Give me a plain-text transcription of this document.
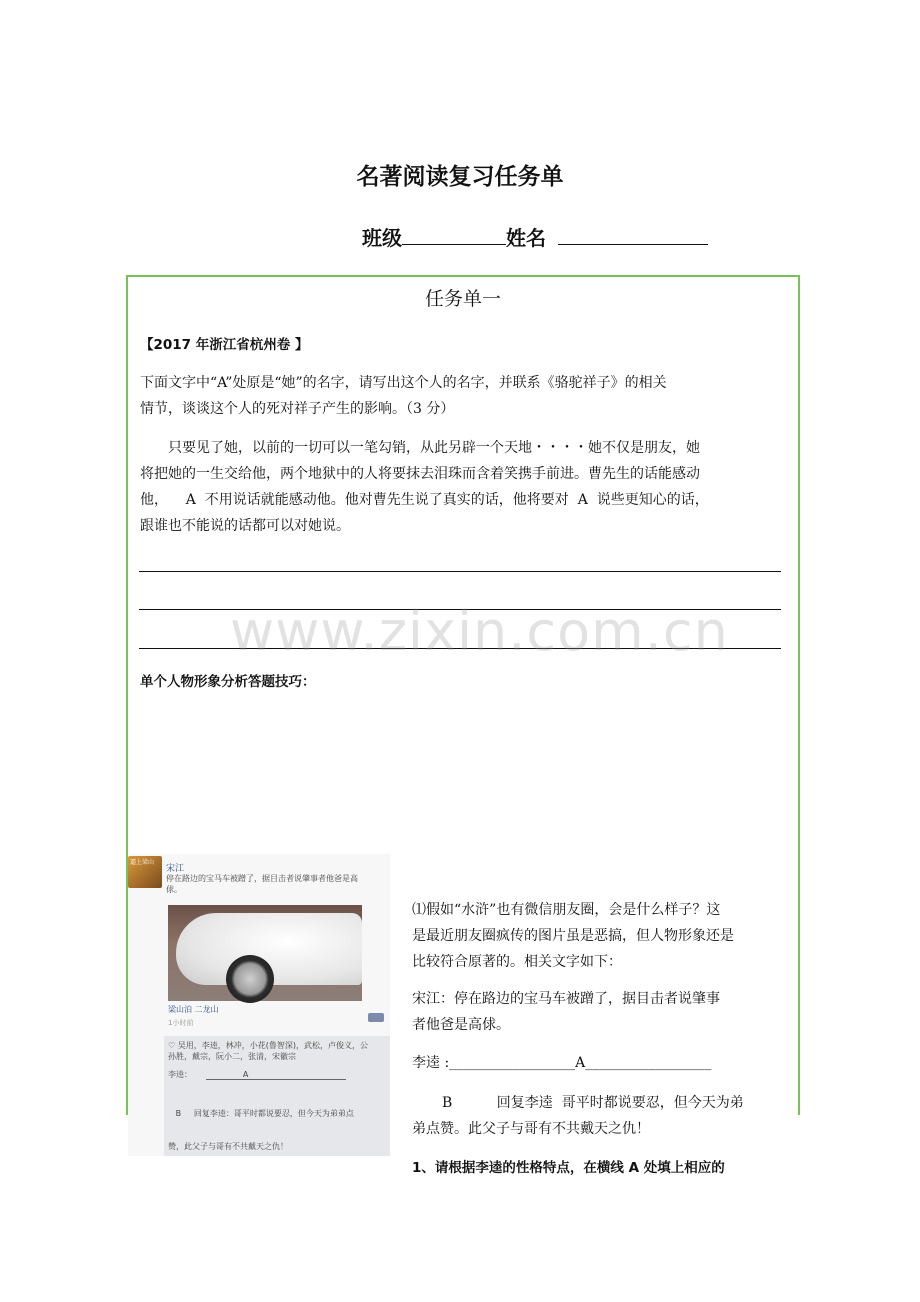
名著阅读复习任务单
班级	姓名
任务单一
【2017 年浙江省杭州卷 】
下面文字中“A”处原是“她”的名字，请写出这个人的名字，并联系《骆驼祥子》的相关
情节，谈谈这个人的死对祥子产生的影响。（3 分）
只要见了她，以前的一切可以一笔勾销，从此另辟一个天地・・・・她不仅是朋友，她
将把她的一生交给他，两个地狱中的人将要抹去泪珠而含着笑携手前进。曹先生的话能感动
他，    A  不用说话就能感动他。他对曹先生说了真实的话，他将要对  A  说些更知心的话，
跟谁也不能说的话都可以对她说。
www.zixin.com.cn
单个人物形象分析答题技巧：
逼上梁山
宋江
停在路边的宝马车被蹭了，据目击者说肇事者他爸是高
俅。
梁山泊 二龙山
1小时前
♡ 吴用，李逵，林冲，小花(鲁智深)，武松，卢俊义，公
孙胜，戴宗，阮小二，张清，宋徽宗
李逵：                    A

B     回复李逵：哥平时都说要忍，但今天为弟弟点

赞，此父子与哥有不共戴天之仇！

⑴假如“水浒”也有微信朋友圈，会是什么样子？这
是最近朋友圈疯传的图片虽是恶搞，但人物形象还是
比较符合原著的。相关文字如下：
宋江：停在路边的宝马车被蹭了，据目击者说肇事
者他爸是高俅。
李逵 :__________________A__________________
B          回复李逵  哥平时都说要忍，但今天为弟
弟点赞。此父子与哥有不共戴天之仇！
1、请根据李逵的性格特点，在横线 A 处填上相应的
